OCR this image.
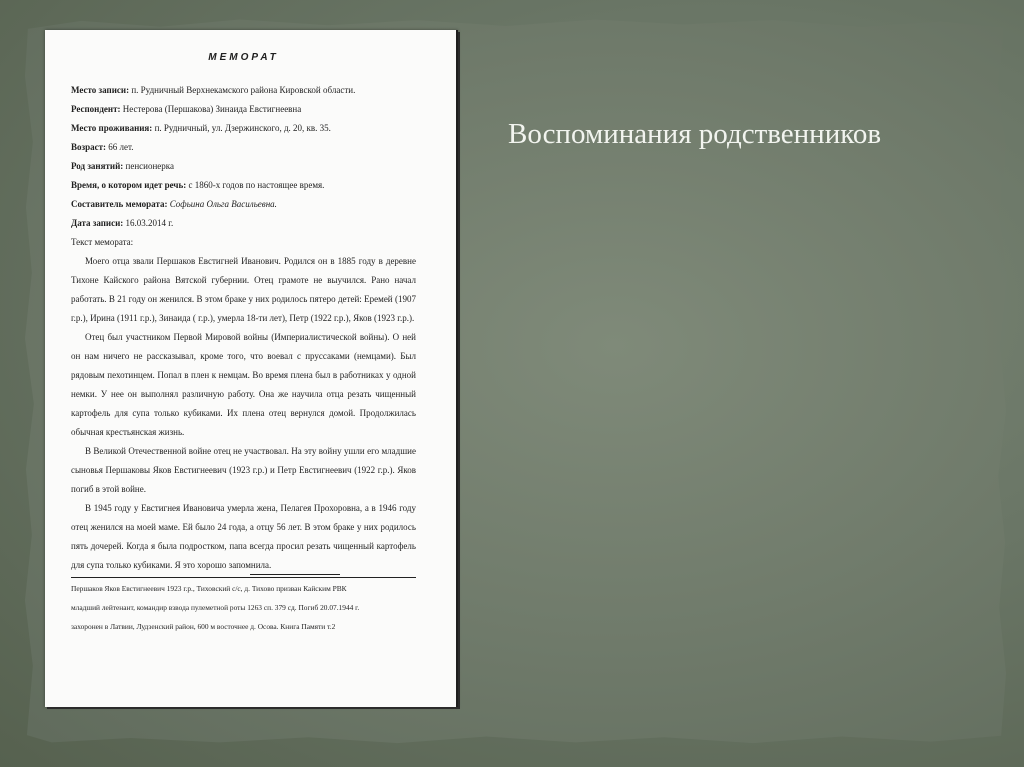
МЕМОРАТ

Место записи: п. Рудничный Верхнекамского района Кировской области.

Респондент: Нестерова (Першакова) Зинаида Евстигнеевна

Место проживания: п. Рудничный, ул. Дзержинского, д. 20, кв. 35.

Возраст: 66 лет.

Род занятий: пенсионерка

Время, о котором идет речь: с 1860-х годов по настоящее время.

Составитель мемората: Софьина Ольга Васильевна.

Дата записи: 16.03.2014 г.

Текст мемората:

Моего отца звали Першаков Евстигней Иванович. Родился он в 1885 году в деревне Тихоне Кайского района Вятской губернии. Отец грамоте не выучился. Рано начал работать. В 21 году он женился. В этом браке у них родилось пятеро детей: Еремей (1907 г.р.), Ирина (1911 г.р.), Зинаида ( г.р.), умерла 18-ти лет), Петр (1922 г.р.), Яков (1923 г.р.).

Отец был участником Первой Мировой войны (Империалистической войны). О ней он нам ничего не рассказывал, кроме того, что воевал с пруссаками (немцами). Был рядовым пехотинцем. Попал в плен к немцам. Во время плена был в работниках у одной немки. У нее он выполнял различную работу. Она же научила отца резать чищенный картофель для супа только кубиками. Их плена отец вернулся домой. Продолжилась обычная крестьянская жизнь.

В Великой Отечественной войне отец не участвовал. На эту войну ушли его младшие сыновья Першаковы Яков Евстигнеевич (1923 г.р.) и Петр Евстигнеевич (1922 г.р.). Яков погиб в этой войне.

В 1945 году у Евстигнея Ивановича умерла жена, Пелагея Прохоровна, а в 1946 году отец женился на моей маме. Ей было 24 года, а отцу 56 лет. В этом браке у них родилось пять дочерей. Когда я была подростком, папа всегда просил резать чищенный картофель для супа только кубиками. Я это хорошо запомнила.

Першаков Яков Евстигнеевич 1923 г.р., Тиховский с/с, д. Тихово призван Кайским РВК

младший лейтенант, командир взвода пулеметной роты 1263 сп. 379 сд. Погиб 20.07.1944 г.

захоронен в Латвии, Лудзенский район, 600 м восточнее д. Осова. Книга Памяти т.2

Воспоминания родственников
